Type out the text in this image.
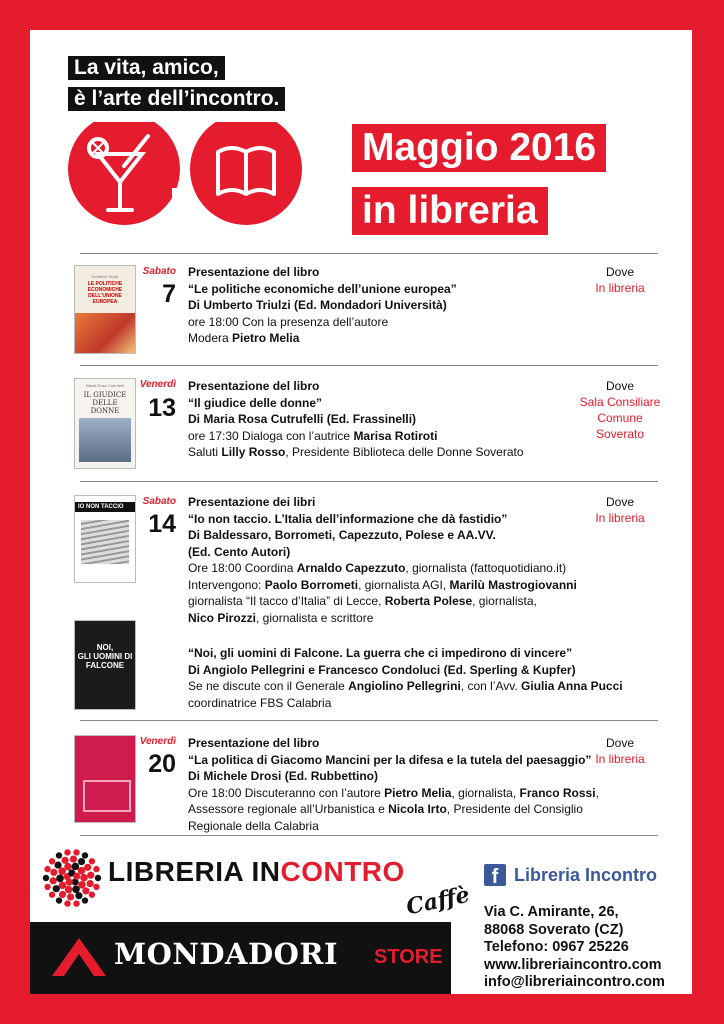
La vita, amico,
è l’arte dell’incontro.
Maggio 2016
in libreria
Umberto Triulzi
LE POLITICHE
ECONOMICHE
DELL'UNIONE
EUROPEA
Sabato
7
Presentazione del libro
“Le politiche economiche dell’unione europea”
Di Umberto Triulzi (Ed. Mondadori Università)
ore 18:00 Con la presenza dell’autore
Modera Pietro Melia
Dove
In libreria
Maria Rosa Cutrufelli
IL GIUDICE
DELLE
DONNE
Venerdì
13
Presentazione del libro
“Il giudice delle donne”
Di Maria Rosa Cutrufelli (Ed. Frassinelli)
ore 17:30 Dialoga con l’autrice Marisa Rotiroti
Saluti Lilly Rosso, Presidente Biblioteca delle Donne Soverato
Dove
Sala Consiliare
Comune
Soverato
IO NON TACCIO	Sabato
14
Presentazione dei libri
“Io non taccio. L’Italia dell’informazione che dà fastidio”
Di Baldessaro, Borrometi, Capezzuto, Polese e AA.VV.
(Ed. Cento Autori)
Ore 18:00 Coordina Arnaldo Capezzuto, giornalista (fattoquotidiano.it)
Intervengono: Paolo Borrometi, giornalista AGI, Marilù Mastrogiovanni
giornalista “Il tacco d’Italia” di Lecce, Roberta Polese, giornalista,
Nico Pirozzi, giornalista e scrittore
Dove
In libreria
NOI,
GLI UOMINI DI
FALCONE
“Noi, gli uomini di Falcone. La guerra che ci impedirono di vincere”
Di Angiolo Pellegrini e Francesco Condoluci (Ed. Sperling & Kupfer)
Se ne discute con il Generale Angiolino Pellegrini, con l’Avv. Giulia Anna Pucci
coordinatrice FBS Calabria
Venerdì
20
Presentazione del libro
“La politica di Giacomo Mancini per la difesa e la tutela del paesaggio”
Di Michele Drosi (Ed. Rubbettino)
Ore 18:00 Discuteranno con l’autore Pietro Melia, giornalista, Franco Rossi,
Assessore regionale all’Urbanistica e Nicola Irto, Presidente del Consiglio
Regionale della Calabria
Dove
In libreria
LIBRERIA INCONTRO
Caffè
f Libreria Incontro
Via C. Amirante, 26,
88068 Soverato (CZ)
Telefono: 0967 25226
www.libreriaincontro.com
info@libreriaincontro.com
MONDADORI STORE
